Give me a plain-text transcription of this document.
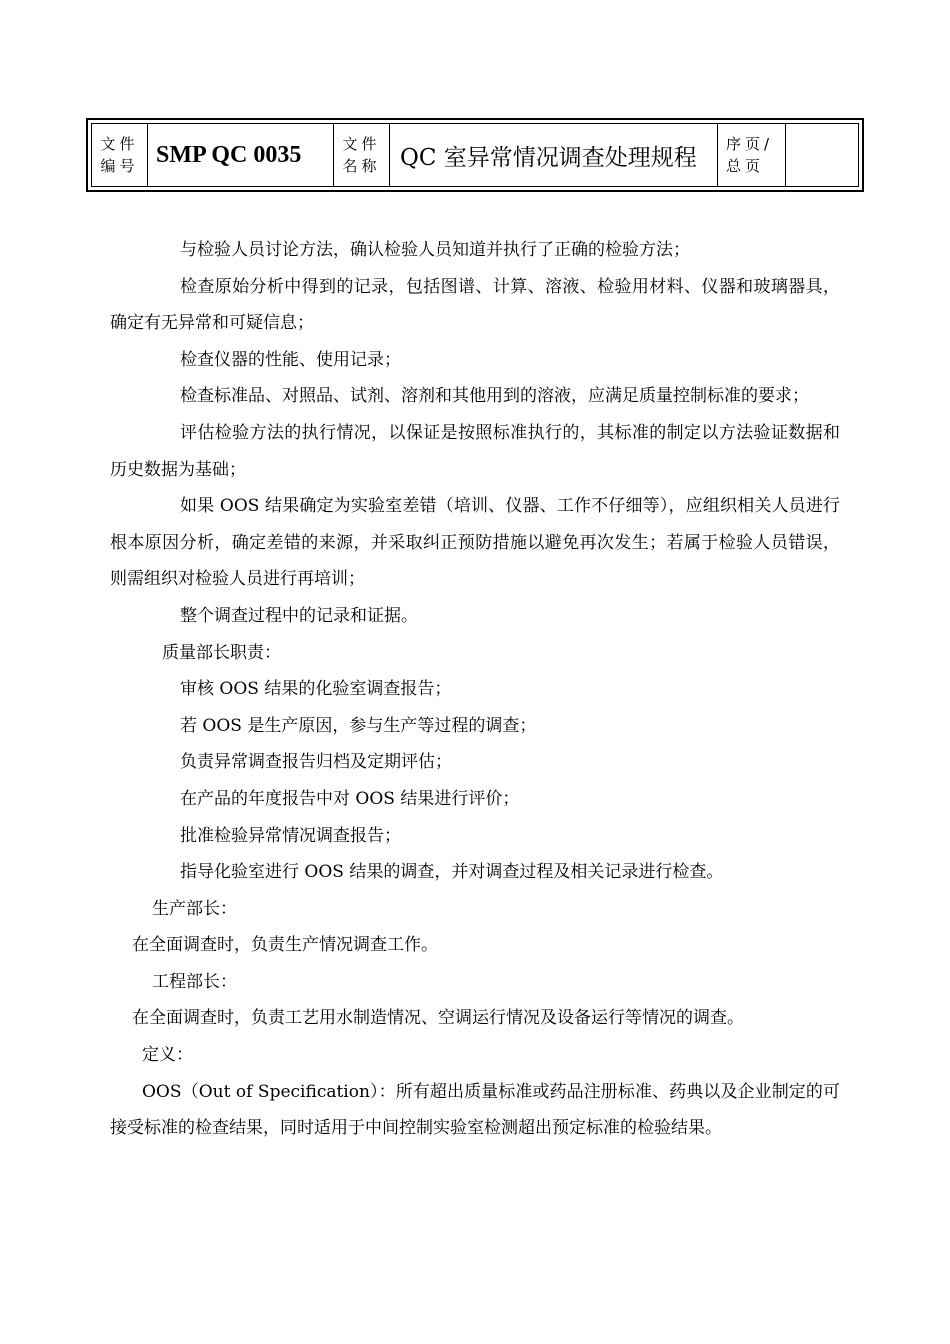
文件
编号 SMP QC 0035	文件
名称 QC 室异常情况调查处理规程
序页/
总页

与检验人员讨论方法，确认检验人员知道并执行了正确的检验方法；

检查原始分析中得到的记录，包括图谱、计算、溶液、检验用材料、仪器和玻璃器具，确定有无异常和可疑信息；

检查仪器的性能、使用记录；

检查标准品、对照品、试剂、溶剂和其他用到的溶液，应满足质量控制标准的要求；

评估检验方法的执行情况，以保证是按照标准执行的，其标准的制定以方法验证数据和历史数据为基础；

如果 OOS 结果确定为实验室差错（培训、仪器、工作不仔细等），应组织相关人员进行根本原因分析，确定差错的来源，并采取纠正预防措施以避免再次发生；若属于检验人员错误，则需组织对检验人员进行再培训；

整个调查过程中的记录和证据。

质量部长职责：

审核 OOS 结果的化验室调查报告；

若 OOS 是生产原因，参与生产等过程的调查；

负责异常调查报告归档及定期评估；

在产品的年度报告中对 OOS 结果进行评价；

批准检验异常情况调查报告；

指导化验室进行 OOS 结果的调查，并对调查过程及相关记录进行检查。

生产部长：

在全面调查时，负责生产情况调查工作。

工程部长：

在全面调查时，负责工艺用水制造情况、空调运行情况及设备运行等情况的调查。

定义：

OOS（Out of Specification）：所有超出质量标准或药品注册标准、药典以及企业制定的可接受标准的检查结果，同时适用于中间控制实验室检测超出预定标准的检验结果。
